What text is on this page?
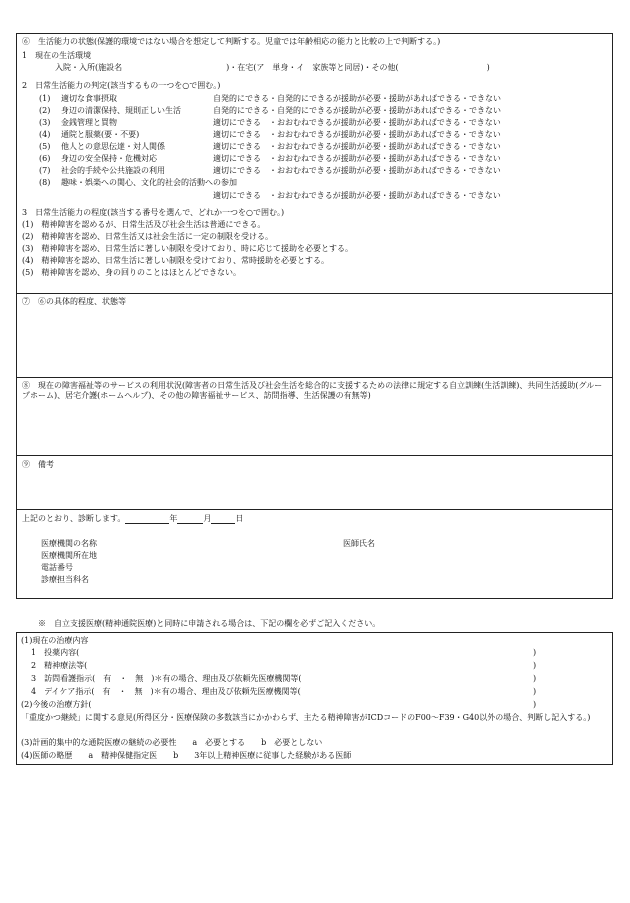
⑥　生活能力の状態(保護的環境ではない場合を想定して判断する。児童では年齢相応の能力と比較の上で判断する。)
1　現在の生活環境
入院・入所(施設名　　　　　　　　　　　　　)・在宅(ア　単身・イ　家族等と同居)・その他(　　　　　　　　　　　)
2　日常生活能力の判定(該当するもの一つを○で囲む。)
(1) 適切な食事摂取	自発的にできる・自発的にできるが援助が必要・援助があればできる・できない
(2) 身辺の清潔保持、規則正しい生活	自発的にできる・自発的にできるが援助が必要・援助があればできる・できない
(3) 金銭管理と買物	適切にできる　・おおむねできるが援助が必要・援助があればできる・できない
(4) 通院と服薬(要・不要)	適切にできる　・おおむねできるが援助が必要・援助があればできる・できない
(5) 他人との意思伝達・対人関係	適切にできる　・おおむねできるが援助が必要・援助があればできる・できない
(6) 身辺の安全保持・危機対応	適切にできる　・おおむねできるが援助が必要・援助があればできる・できない
(7) 社会的手続や公共施設の利用	適切にできる　・おおむねできるが援助が必要・援助があればできる・できない
(8) 趣味・娯楽への関心、文化的社会的活動への参加
適切にできる　・おおむねできるが援助が必要・援助があればできる・できない
3　日常生活能力の程度(該当する番号を選んで、どれか一つを○で囲む。)
(1)　精神障害を認めるが、日常生活及び社会生活は普通にできる。
(2)　精神障害を認め、日常生活又は社会生活に一定の制限を受ける。
(3)　精神障害を認め、日常生活に著しい制限を受けており、時に応じて援助を必要とする。
(4)　精神障害を認め、日常生活に著しい制限を受けており、常時援助を必要とする。
(5)　精神障害を認め、身の回りのことはほとんどできない。
⑦　⑥の具体的程度、状態等
⑧　現在の障害福祉等のサービスの利用状況(障害者の日常生活及び社会生活を総合的に支援するための法律に規定する自立訓練(生活訓練)、共同生活援助(グループホーム)、居宅介護(ホームヘルプ)、その他の障害福祉サービス、訪問指導、生活保護の有無等)
⑨　備考
上記のとおり、診断します。	年	月	日
医療機関の名称
医療機関所在地
電話番号
診療担当科名
医師氏名
※　自立支援医療(精神通院医療)と同時に申請される場合は、下記の欄を必ずご記入ください。
(1)現在の治療内容
1　投薬内容(	)
2　精神療法等(	)
3　訪問看護指示(　有　・　無　)＊有の場合、理由及び依頼先医療機関等(	)
4　デイケア指示(　有　・　無　)＊有の場合、理由及び依頼先医療機関等(	)
(2)今後の治療方針(	)
「重度かつ継続」に関する意見(所得区分・医療保険の多数該当にかかわらず、主たる精神障害がICDコードのF00～F39・G40以外の場合、判断し記入する。)
(3)計画的集中的な通院医療の継続の必要性　　a　必要とする　　b　必要としない
(4)医師の略歴　　a　精神保健指定医　　b　　3年以上精神医療に従事した経験がある医師
